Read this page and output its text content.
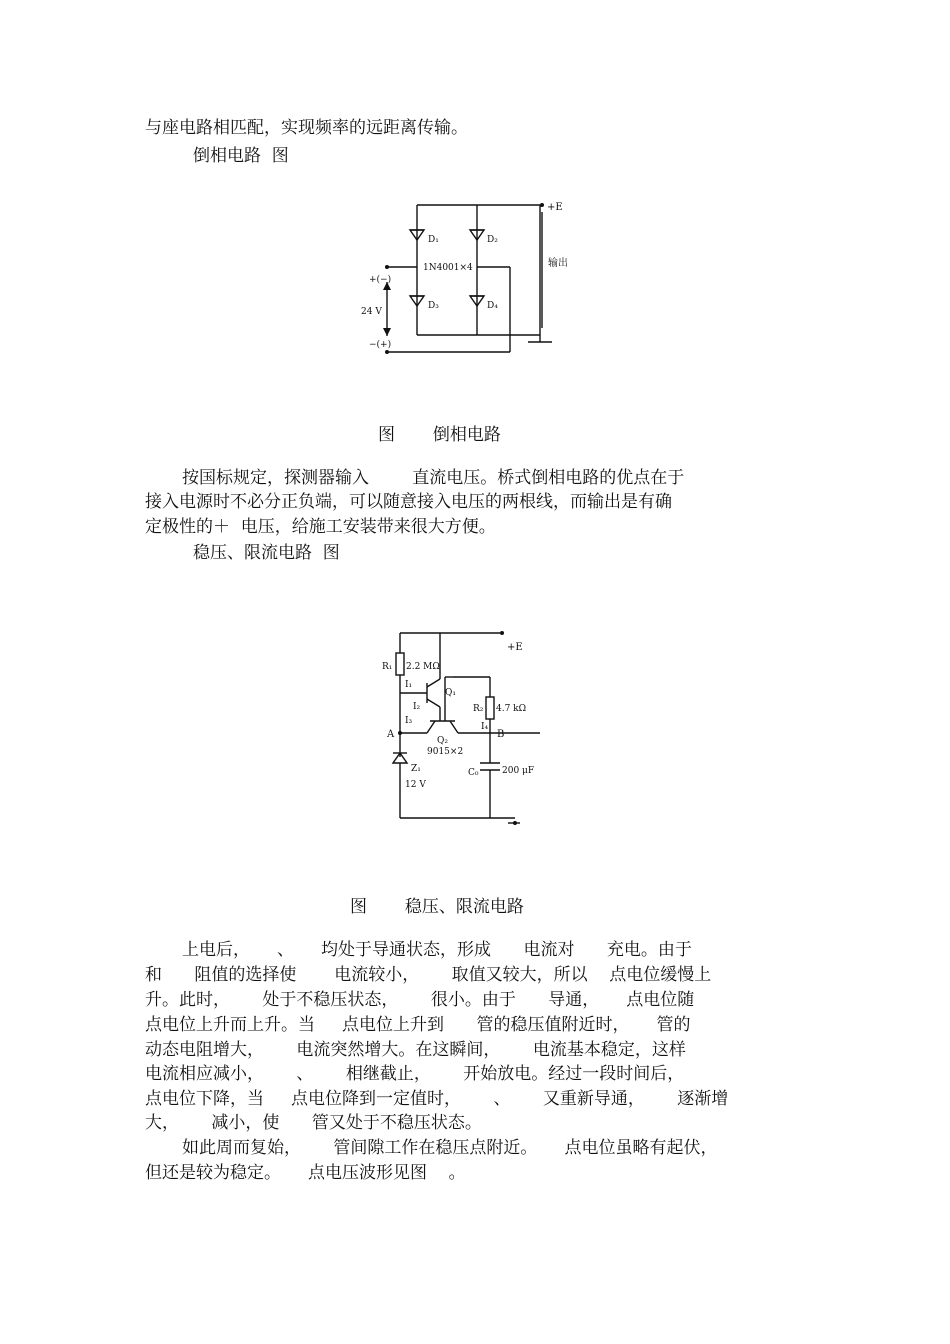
与座电路相匹配，实现频率的远距离传输。
倒相电路  图
+E
D₁	D₂
D₃	D₄
1N4001×4
+(−)
24 V
−(+)
输出
图       倒相电路
按国标规定，探测器输入        直流电压。桥式倒相电路的优点在于
接入电源时不必分正负端，可以随意接入电压的两根线，而输出是有确
定极性的＋  电压，给施工安装带来很大方便。
稳压、限流电路  图
+E
R₁ 2.2 MΩ
I₁
I₂
I₃
Q₁
R₂ 4.7 kΩ
I₄
A	B
Q₂
9015×2
Z₁
12 V
C₀	200 μF
图       稳压、限流电路
上电后，     、     均处于导通状态，形成      电流对      充电。由于
和      阻值的选择使       电流较小，      取值又较大，所以    点电位缓慢上
升。此时，      处于不稳压状态，      很小。由于      导通，     点电位随
点电位上升而上升。当     点电位上升到      管的稳压值附近时，     管的
动态电阻增大，      电流突然增大。在这瞬间，      电流基本稳定，这样
电流相应减小，      、      相继截止，      开始放电。经过一段时间后，
点电位下降，当     点电位降到一定值时，      、      又重新导通，      逐渐增
大，      减小，使      管又处于不稳压状态。
如此周而复始，      管间隙工作在稳压点附近。     点电位虽略有起伏，
但还是较为稳定。     点电压波形见图    。
